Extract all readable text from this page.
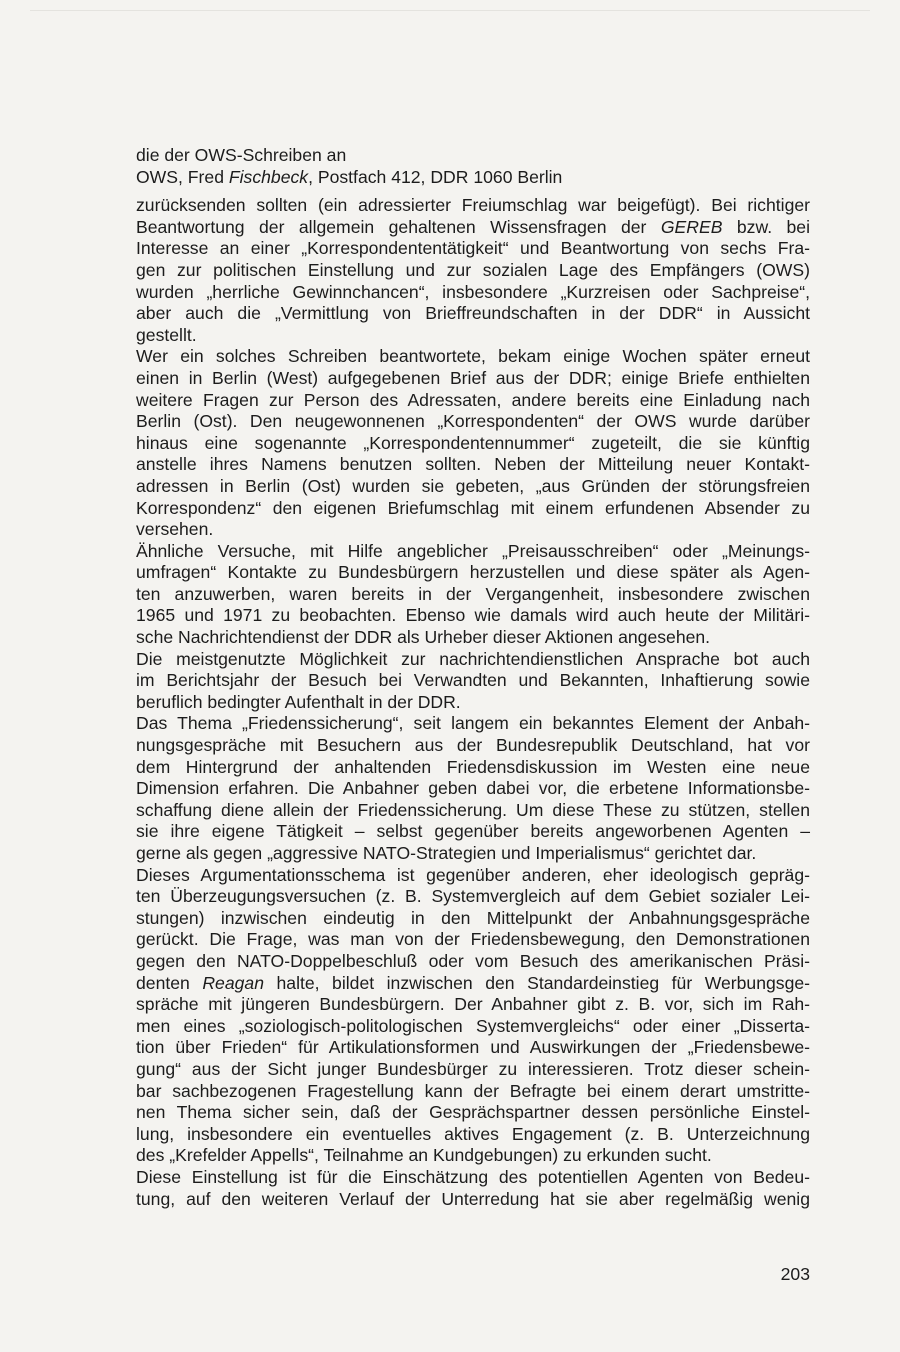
die der OWS-Schreiben an
OWS, Fred Fischbeck, Postfach 412, DDR 1060 Berlin
zurücksenden sollten (ein adressierter Freiumschlag war beigefügt). Bei richtiger
Beantwortung der allgemein gehaltenen Wissensfragen der GEREB bzw. bei
Interesse an einer „Korrespondententätigkeit“ und Beantwortung von sechs Fra-
gen zur politischen Einstellung und zur sozialen Lage des Empfängers (OWS)
wurden „herrliche Gewinnchancen“, insbesondere „Kurzreisen oder Sachpreise“,
aber auch die „Vermittlung von Brieffreundschaften in der DDR“ in Aussicht
gestellt.
Wer ein solches Schreiben beantwortete, bekam einige Wochen später erneut
einen in Berlin (West) aufgegebenen Brief aus der DDR; einige Briefe enthielten
weitere Fragen zur Person des Adressaten, andere bereits eine Einladung nach
Berlin (Ost). Den neugewonnenen „Korrespondenten“ der OWS wurde darüber
hinaus eine sogenannte „Korrespondentennummer“ zugeteilt, die sie künftig
anstelle ihres Namens benutzen sollten. Neben der Mitteilung neuer Kontakt-
adressen in Berlin (Ost) wurden sie gebeten, „aus Gründen der störungsfreien
Korrespondenz“ den eigenen Briefumschlag mit einem erfundenen Absender zu
versehen.
Ähnliche Versuche, mit Hilfe angeblicher „Preisausschreiben“ oder „Meinungs-
umfragen“ Kontakte zu Bundesbürgern herzustellen und diese später als Agen-
ten anzuwerben, waren bereits in der Vergangenheit, insbesondere zwischen
1965 und 1971 zu beobachten. Ebenso wie damals wird auch heute der Militäri-
sche Nachrichtendienst der DDR als Urheber dieser Aktionen angesehen.
Die meistgenutzte Möglichkeit zur nachrichtendienstlichen Ansprache bot auch
im Berichtsjahr der Besuch bei Verwandten und Bekannten, Inhaftierung sowie
beruflich bedingter Aufenthalt in der DDR.
Das Thema „Friedenssicherung“, seit langem ein bekanntes Element der Anbah-
nungsgespräche mit Besuchern aus der Bundesrepublik Deutschland, hat vor
dem Hintergrund der anhaltenden Friedensdiskussion im Westen eine neue
Dimension erfahren. Die Anbahner geben dabei vor, die erbetene Informationsbe-
schaffung diene allein der Friedenssicherung. Um diese These zu stützen, stellen
sie ihre eigene Tätigkeit – selbst gegenüber bereits angeworbenen Agenten –
gerne als gegen „aggressive NATO-Strategien und Imperialismus“ gerichtet dar.
Dieses Argumentationsschema ist gegenüber anderen, eher ideologisch gepräg-
ten Überzeugungsversuchen (z. B. Systemvergleich auf dem Gebiet sozialer Lei-
stungen) inzwischen eindeutig in den Mittelpunkt der Anbahnungsgespräche
gerückt. Die Frage, was man von der Friedensbewegung, den Demonstrationen
gegen den NATO-Doppelbeschluß oder vom Besuch des amerikanischen Präsi-
denten Reagan halte, bildet inzwischen den Standardeinstieg für Werbungsge-
spräche mit jüngeren Bundesbürgern. Der Anbahner gibt z. B. vor, sich im Rah-
men eines „soziologisch-politologischen Systemvergleichs“ oder einer „Disserta-
tion über Frieden“ für Artikulationsformen und Auswirkungen der „Friedensbewe-
gung“ aus der Sicht junger Bundesbürger zu interessieren. Trotz dieser schein-
bar sachbezogenen Fragestellung kann der Befragte bei einem derart umstritte-
nen Thema sicher sein, daß der Gesprächspartner dessen persönliche Einstel-
lung, insbesondere ein eventuelles aktives Engagement (z. B. Unterzeichnung
des „Krefelder Appells“, Teilnahme an Kundgebungen) zu erkunden sucht.
Diese Einstellung ist für die Einschätzung des potentiellen Agenten von Bedeu-
tung, auf den weiteren Verlauf der Unterredung hat sie aber regelmäßig wenig
203
